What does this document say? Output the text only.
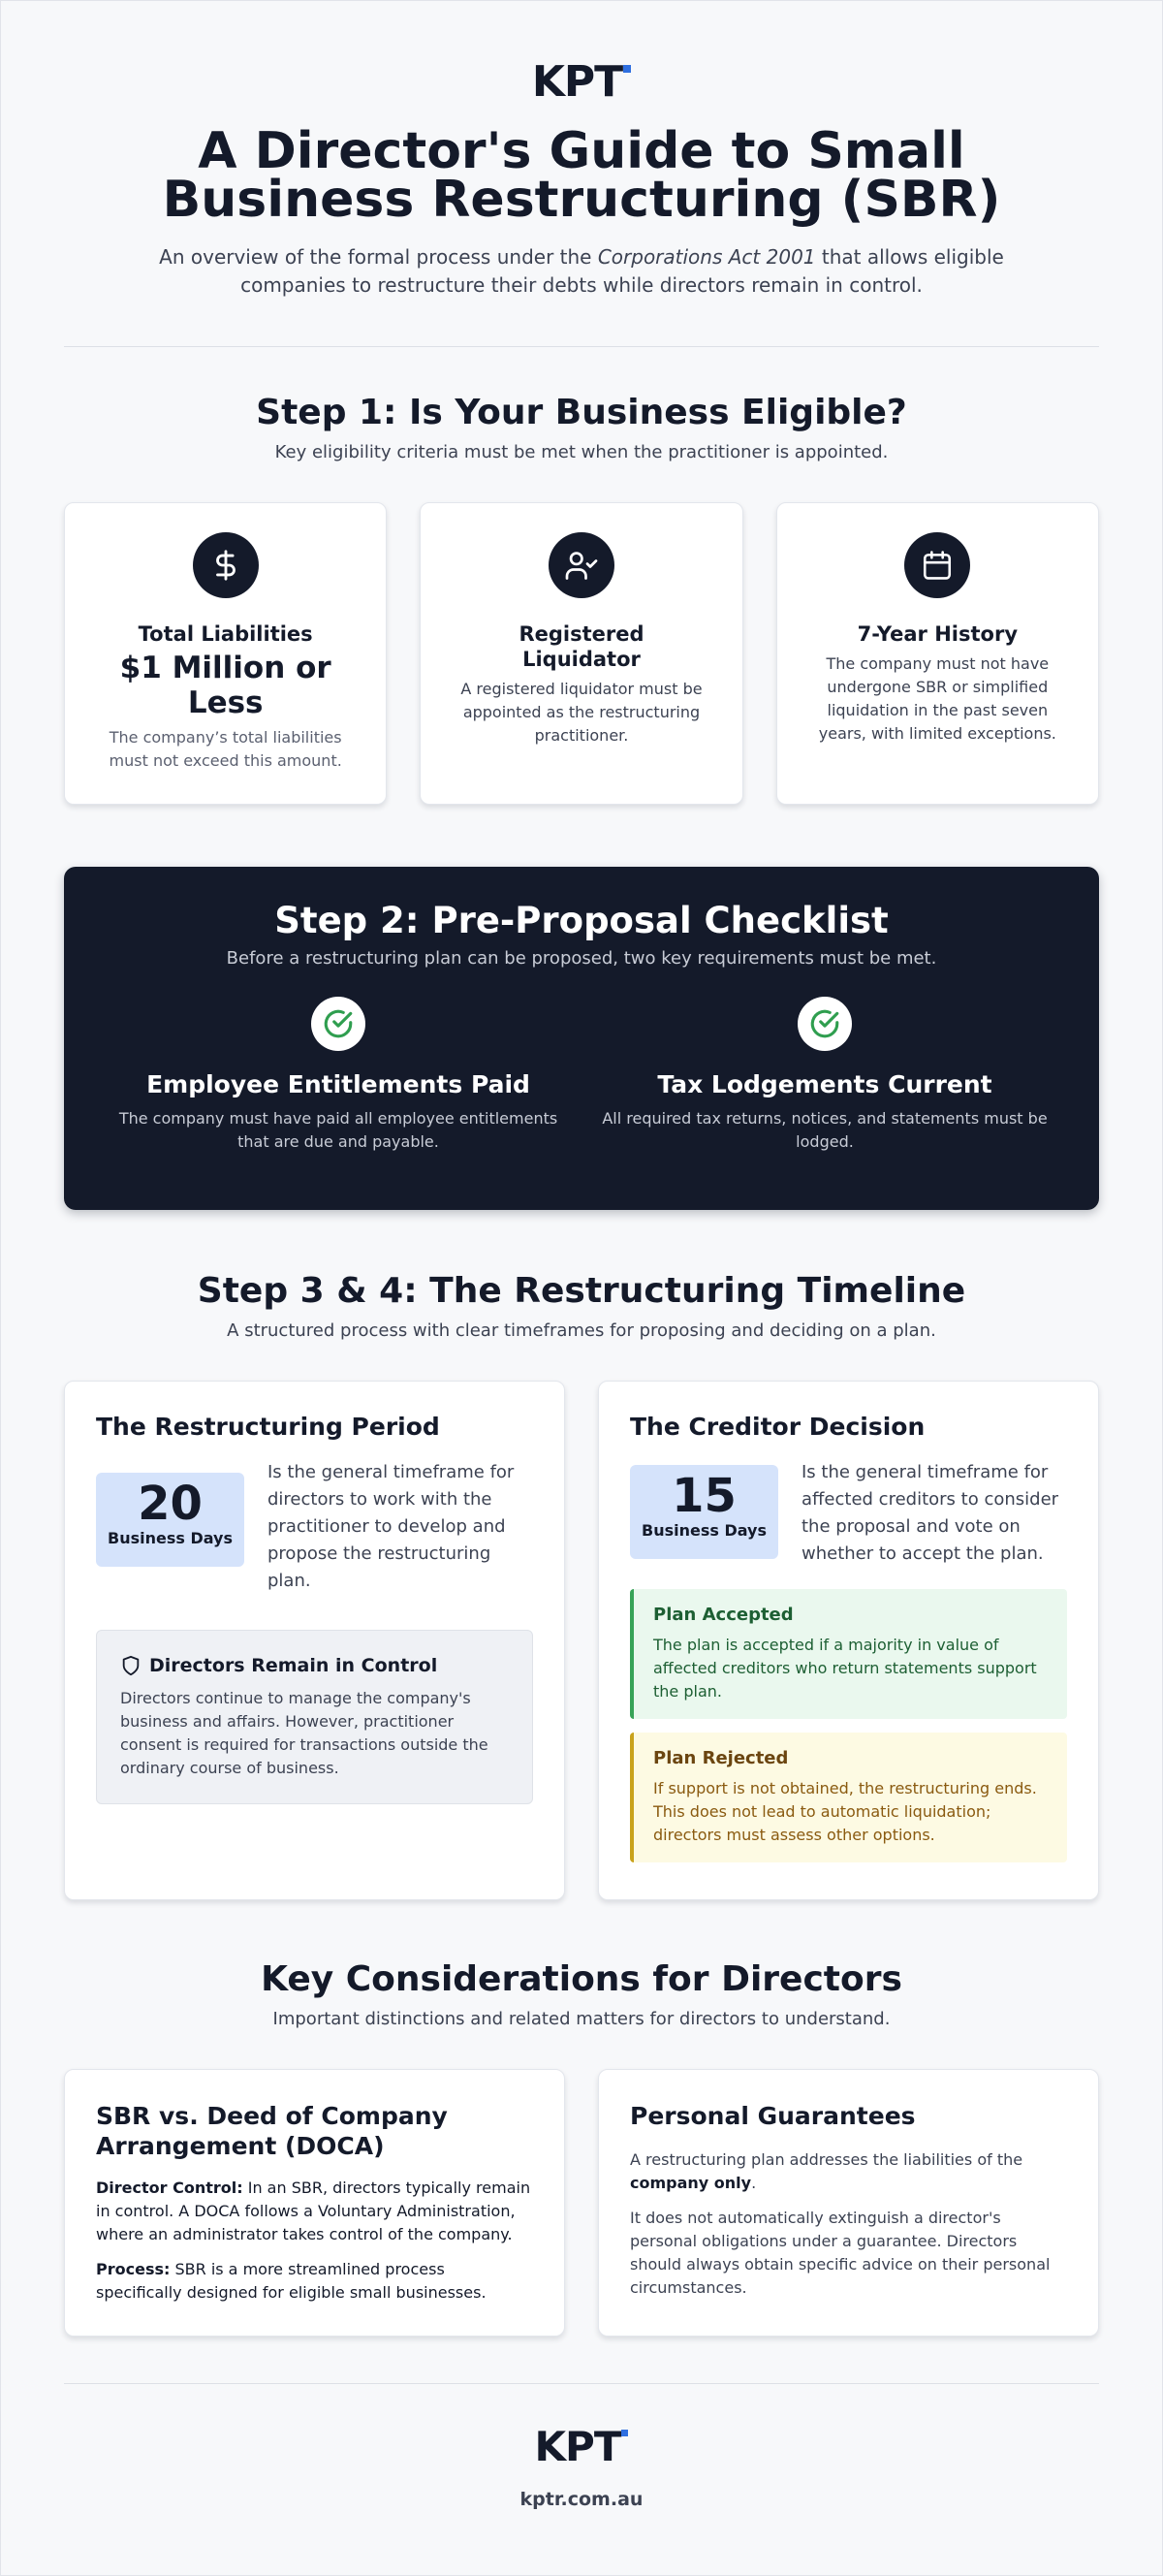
KPT
A Director's Guide to Small Business Restructuring (SBR)

An overview of the formal process under the Corporations Act 2001 that allows eligible companies to restructure their debts while directors remain in control.

Step 1: Is Your Business Eligible?

Key eligibility criteria must be met when the practitioner is appointed.

Total Liabilities
$1 Million or Less

The company’s total liabilities must not exceed this amount.

Registered Liquidator

A registered liquidator must be appointed as the restructuring practitioner.

7-Year History

The company must not have undergone SBR or simplified liquidation in the past seven years, with limited exceptions.

Step 2: Pre-Proposal Checklist

Before a restructuring plan can be proposed, two key requirements must be met.

Employee Entitlements Paid

The company must have paid all employee entitlements that are due and payable.

Tax Lodgements Current

All required tax returns, notices, and statements must be lodged.

Step 3 & 4: The Restructuring Timeline

A structured process with clear timeframes for proposing and deciding on a plan.

The Restructuring Period
20
Business Days

Is the general timeframe for directors to work with the practitioner to develop and propose the restructuring plan.

Directors Remain in Control

Directors continue to manage the company's business and affairs. However, practitioner consent is required for transactions outside the ordinary course of business.

The Creditor Decision
15
Business Days

Is the general timeframe for affected creditors to consider the proposal and vote on whether to accept the plan.

Plan Accepted

The plan is accepted if a majority in value of affected creditors who return statements support the plan.

Plan Rejected

If support is not obtained, the restructuring ends. This does not lead to automatic liquidation; directors must assess other options.

Key Considerations for Directors

Important distinctions and related matters for directors to understand.

SBR vs. Deed of Company Arrangement (DOCA)

Director Control: In an SBR, directors typically remain in control. A DOCA follows a Voluntary Administration, where an administrator takes control of the company.

Process: SBR is a more streamlined process specifically designed for eligible small businesses.

Personal Guarantees

A restructuring plan addresses the liabilities of the company only.

It does not automatically extinguish a director's personal obligations under a guarantee. Directors should always obtain specific advice on their personal circumstances.

KPT
kptr.com.au
